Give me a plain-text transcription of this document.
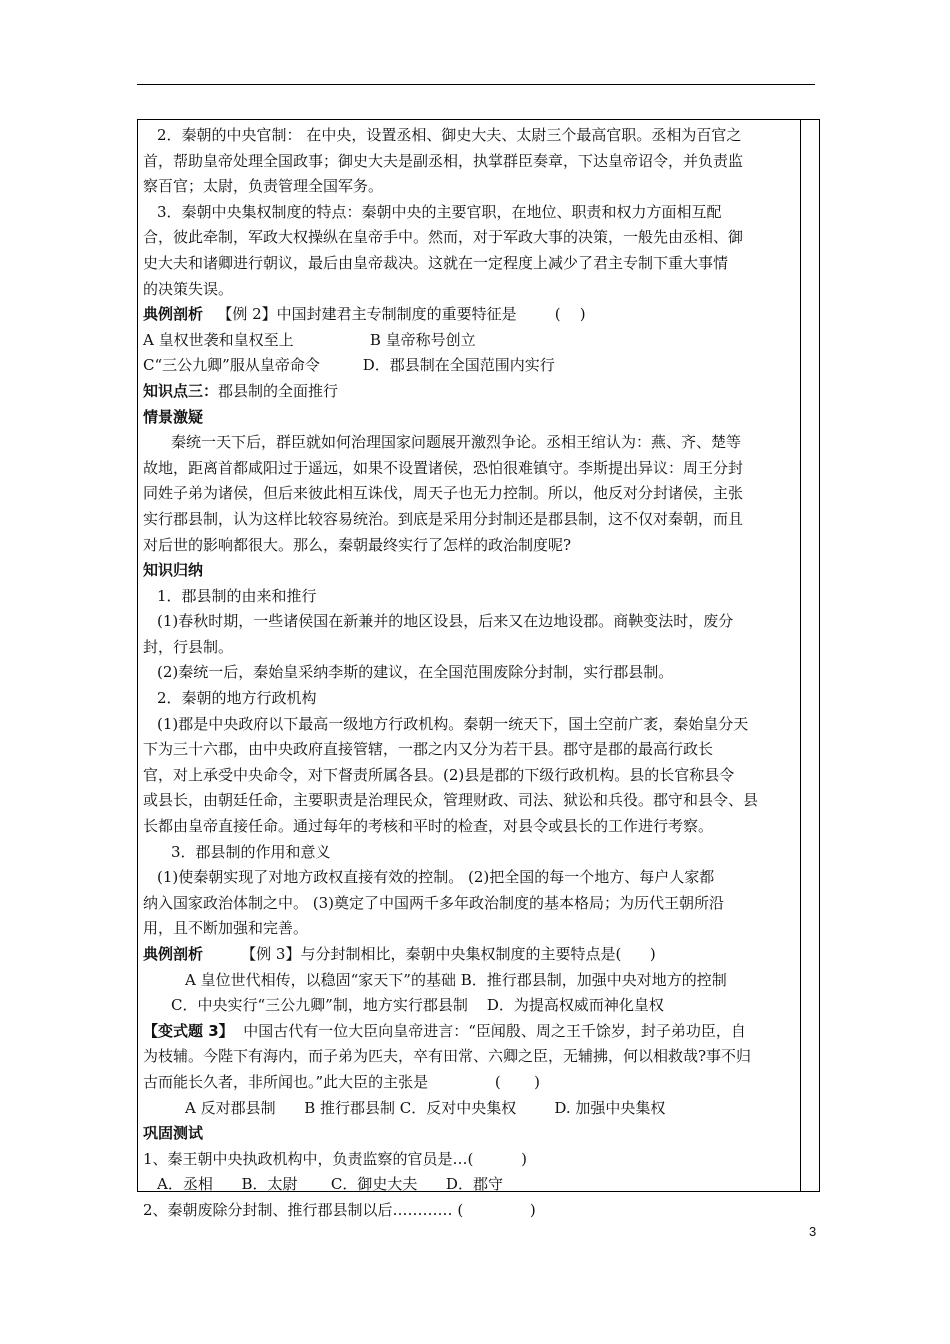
2．秦朝的中央官制： 在中央，设置丞相、御史大夫、太尉三个最高官职。丞相为百官之

首，帮助皇帝处理全国政事；御史大夫是副丞相，执掌群臣奏章，下达皇帝诏令，并负责监

察百官；太尉，负责管理全国军务。

3．秦朝中央集权制度的特点：秦朝中央的主要官职，在地位、职责和权力方面相互配

合，彼此牵制，军政大权操纵在皇帝手中。然而，对于军政大事的决策，一般先由丞相、御

史大夫和诸卿进行朝议，最后由皇帝裁决。这就在一定程度上减少了君主专制下重大事情

的决策失误。

典例剖析   【例 2】中国封建君主专制制度的重要特征是        (    )

A 皇权世袭和皇权至上                B 皇帝称号创立

C“三公九卿”服从皇帝命令         D．郡县制在全国范围内实行

知识点三：郡县制的全面推行

情景激疑

秦统一天下后，群臣就如何治理国家问题展开激烈争论。丞相王绾认为：燕、齐、楚等

故地，距离首都咸阳过于遥远，如果不设置诸侯，恐怕很难镇守。李斯提出异议：周王分封

同姓子弟为诸侯，但后来彼此相互诛伐，周天子也无力控制。所以，他反对分封诸侯，主张

实行郡县制，认为这样比较容易统治。到底是采用分封制还是郡县制，这不仅对秦朝，而且

对后世的影响都很大。那么，秦朝最终实行了怎样的政治制度呢?

知识归纳

1．郡县制的由来和推行

(1)春秋时期，一些诸侯国在新兼并的地区设县，后来又在边地设郡。商鞅变法时，废分

封，行县制。

(2)秦统一后，秦始皇采纳李斯的建议，在全国范围废除分封制，实行郡县制。

2．秦朝的地方行政机构

(1)郡是中央政府以下最高一级地方行政机构。秦朝一统天下，国土空前广袤，秦始皇分天

下为三十六郡，由中央政府直接管辖，一郡之内又分为若干县。郡守是郡的最高行政长

官，对上承受中央命令，对下督责所属各县。(2)县是郡的下级行政机构。县的长官称县令

或县长，由朝廷任命，主要职责是治理民众，管理财政、司法、狱讼和兵役。郡守和县令、县

长都由皇帝直接任命。通过每年的考核和平时的检查，对县令或县长的工作进行考察。

3．郡县制的作用和意义

(1)使秦朝实现了对地方政权直接有效的控制。 (2)把全国的每一个地方、每户人家都

纳入国家政治体制之中。 (3)奠定了中国两千多年政治制度的基本格局；为历代王朝所沿

用，且不断加强和完善。

典例剖析        【例 3】与分封制相比，秦朝中央集权制度的主要特点是(      )

A 皇位世代相传，以稳固“家天下”的基础 B．推行郡县制，加强中央对地方的控制

C．中央实行“三公九卿”制，地方实行郡县制    D．为提高权威而神化皇权

【变式题 3】  中国古代有一位大臣向皇帝进言：“臣闻殷、周之王千馀岁，封子弟功臣，自

为枝辅。今陛下有海内，而子弟为匹夫，卒有田常、六卿之臣，无辅拂，何以相救哉?事不归

古而能长久者，非所闻也。”此大臣的主张是              (       )

A 反对郡县制      B 推行郡县制 C．反对中央集权        D. 加强中央集权

巩固测试

1、秦王朝中央执政机构中，负责监察的官员是…(          )

A．丞相      B．太尉       C．御史大夫      D．郡守

2、秦朝废除分封制、推行郡县制以后………… (              )

3
